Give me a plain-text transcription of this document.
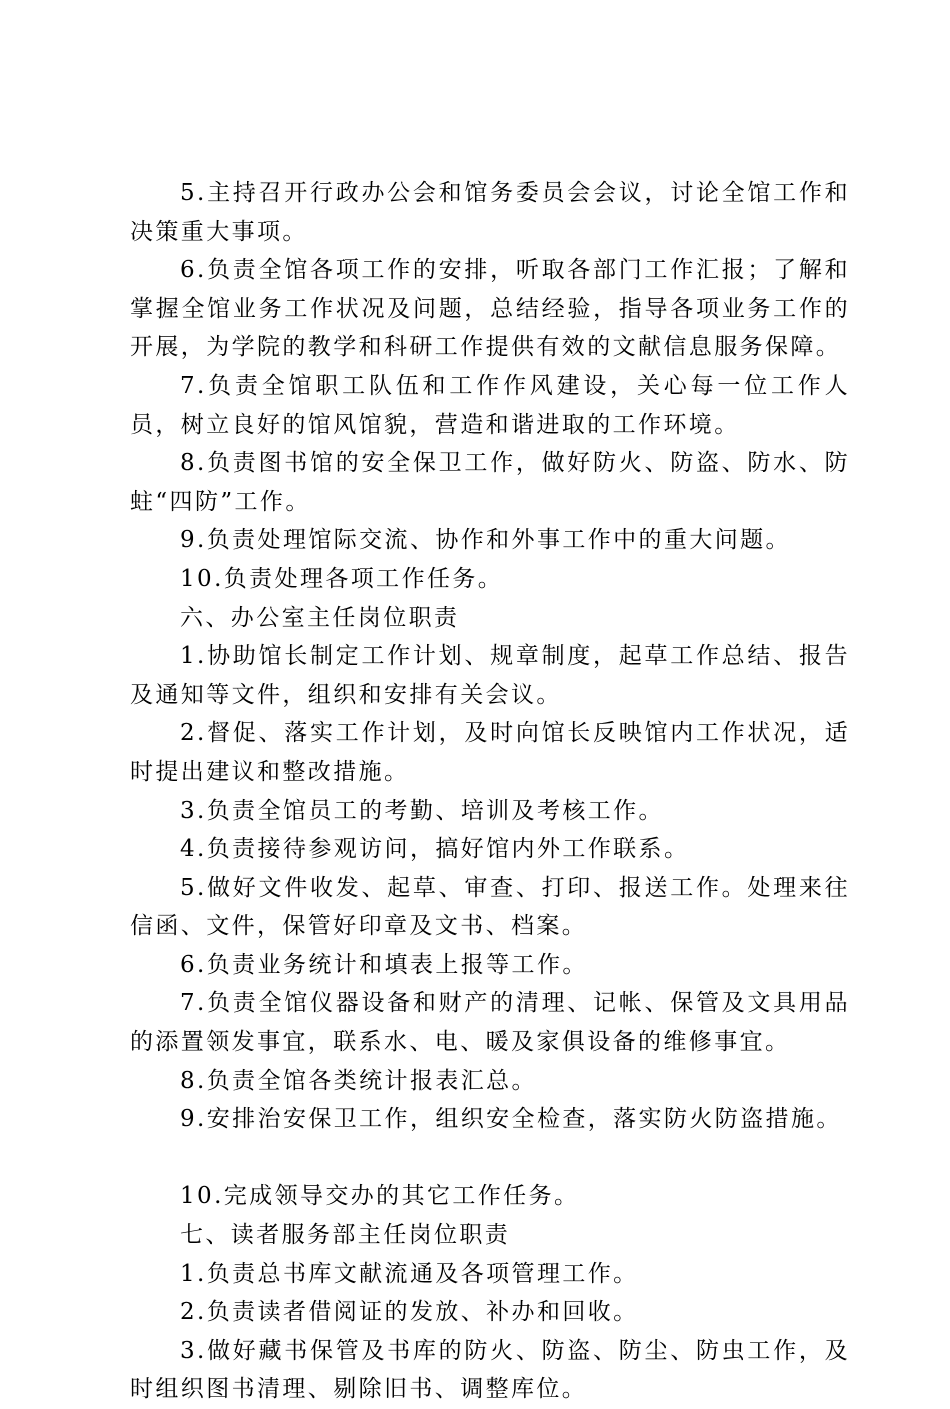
5.主持召开行政办公会和馆务委员会会议，讨论全馆工作和决策重大事项。

6.负责全馆各项工作的安排，听取各部门工作汇报；了解和掌握全馆业务工作状况及问题，总结经验，指导各项业务工作的开展，为学院的教学和科研工作提供有效的文献信息服务保障。

7.负责全馆职工队伍和工作作风建设，关心每一位工作人员，树立良好的馆风馆貌，营造和谐进取的工作环境。

8.负责图书馆的安全保卫工作，做好防火、防盗、防水、防蛀“四防”工作。

9.负责处理馆际交流、协作和外事工作中的重大问题。

10.负责处理各项工作任务。

六、办公室主任岗位职责

1.协助馆长制定工作计划、规章制度，起草工作总结、报告及通知等文件，组织和安排有关会议。

2.督促、落实工作计划，及时向馆长反映馆内工作状况，适时提出建议和整改措施。

3.负责全馆员工的考勤、培训及考核工作。

4.负责接待参观访问，搞好馆内外工作联系。

5.做好文件收发、起草、审查、打印、报送工作。处理来往信函、文件，保管好印章及文书、档案。

6.负责业务统计和填表上报等工作。

7.负责全馆仪器设备和财产的清理、记帐、保管及文具用品的添置领发事宜，联系水、电、暖及家俱设备的维修事宜。

8.负责全馆各类统计报表汇总。

9.安排治安保卫工作，组织安全检查，落实防火防盗措施。

10.完成领导交办的其它工作任务。

七、读者服务部主任岗位职责

1.负责总书库文献流通及各项管理工作。

2.负责读者借阅证的发放、补办和回收。

3.做好藏书保管及书库的防火、防盗、防尘、防虫工作，及时组织图书清理、剔除旧书、调整库位。
